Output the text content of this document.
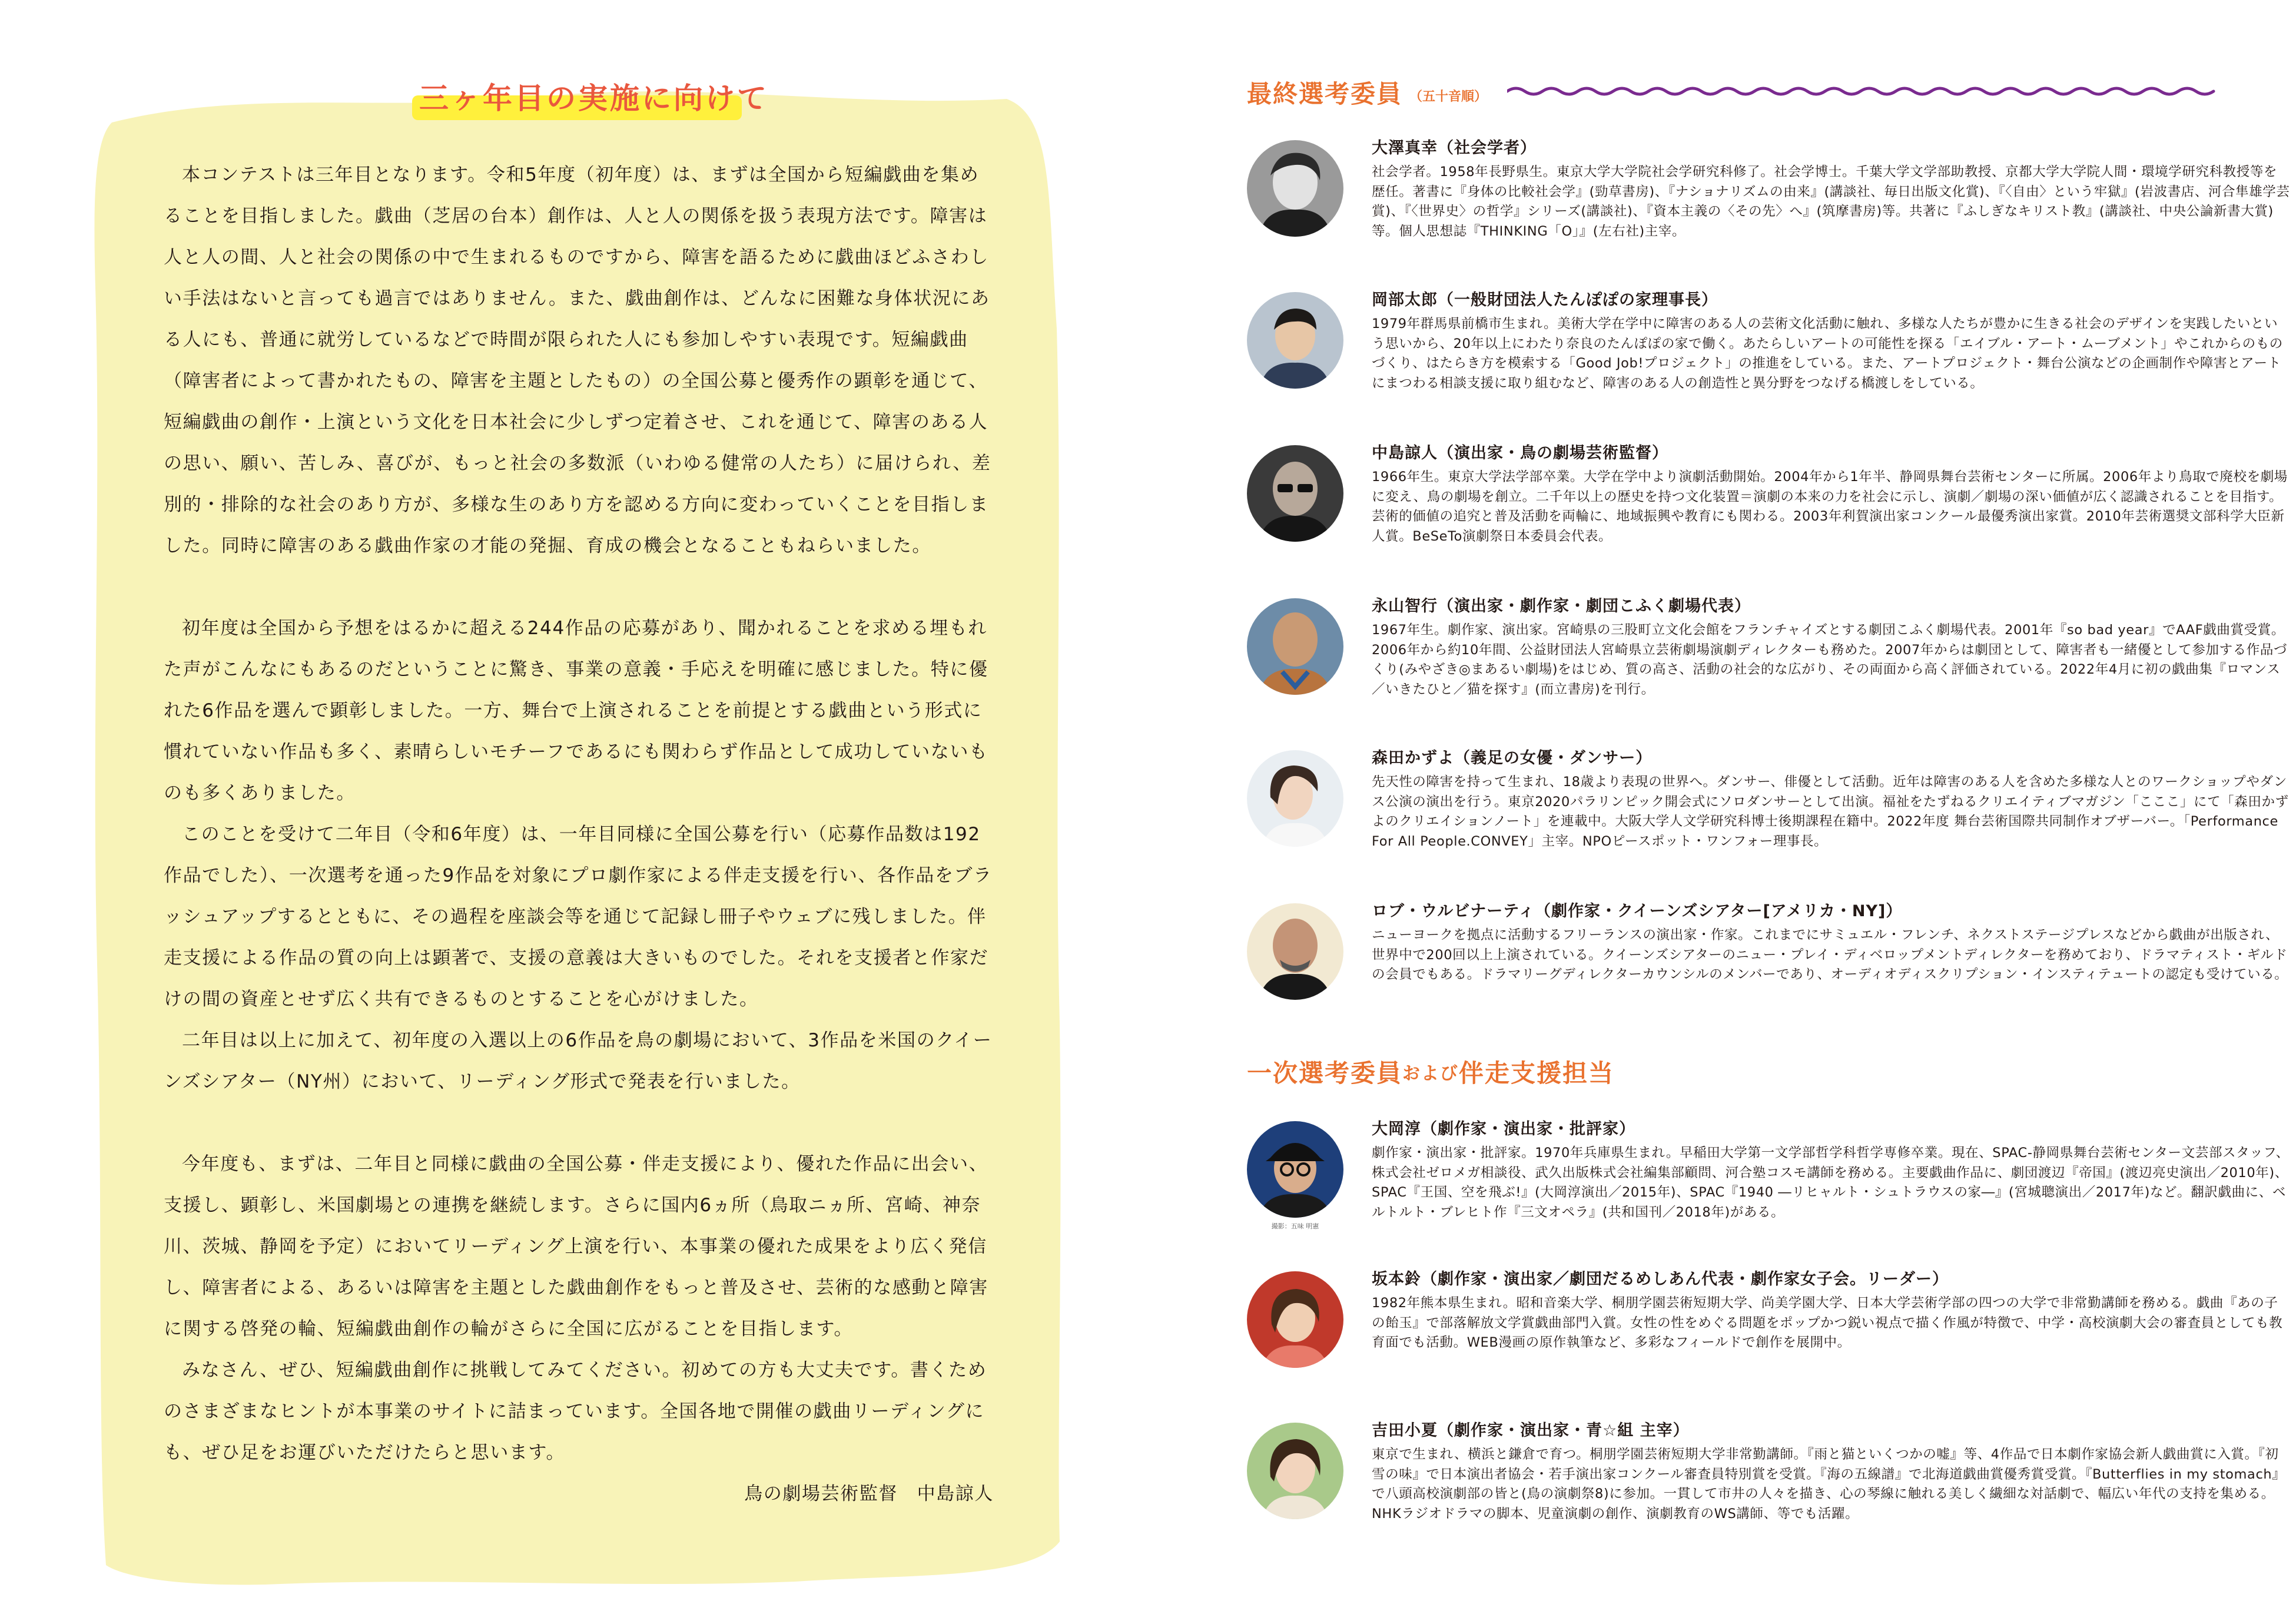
三ヶ年目の実施に向けて

本コンテストは三年目となります。令和5年度（初年度）は、まずは全国から短編戯曲を集めることを目指しました。戯曲（芝居の台本）創作は、人と人の関係を扱う表現方法です。障害は人と人の間、人と社会の関係の中で生まれるものですから、障害を語るために戯曲ほどふさわしい手法はないと言っても過言ではありません。また、戯曲創作は、どんなに困難な身体状況にある人にも、普通に就労しているなどで時間が限られた人にも参加しやすい表現です。短編戯曲（障害者によって書かれたもの、障害を主題としたもの）の全国公募と優秀作の顕彰を通じて、短編戯曲の創作・上演という文化を日本社会に少しずつ定着させ、これを通じて、障害のある人の思い、願い、苦しみ、喜びが、もっと社会の多数派（いわゆる健常の人たち）に届けられ、差別的・排除的な社会のあり方が、多様な生のあり方を認める方向に変わっていくことを目指しました。同時に障害のある戯曲作家の才能の発掘、育成の機会となることもねらいました。

初年度は全国から予想をはるかに超える244作品の応募があり、聞かれることを求める埋もれた声がこんなにもあるのだということに驚き、事業の意義・手応えを明確に感じました。特に優れた6作品を選んで顕彰しました。一方、舞台で上演されることを前提とする戯曲という形式に慣れていない作品も多く、素晴らしいモチーフであるにも関わらず作品として成功していないものも多くありました。

このことを受けて二年目（令和6年度）は、一年目同様に全国公募を行い（応募作品数は192作品でした）、一次選考を通った9作品を対象にプロ劇作家による伴走支援を行い、各作品をブラッシュアップするとともに、その過程を座談会等を通じて記録し冊子やウェブに残しました。伴走支援による作品の質の向上は顕著で、支援の意義は大きいものでした。それを支援者と作家だけの間の資産とせず広く共有できるものとすることを心がけました。

二年目は以上に加えて、初年度の入選以上の6作品を鳥の劇場において、3作品を米国のクイーンズシアター（NY州）において、リーディング形式で発表を行いました。

今年度も、まずは、二年目と同様に戯曲の全国公募・伴走支援により、優れた作品に出会い、支援し、顕彰し、米国劇場との連携を継続します。さらに国内6ヵ所（鳥取ニヵ所、宮崎、神奈川、茨城、静岡を予定）においてリーディング上演を行い、本事業の優れた成果をより広く発信し、障害者による、あるいは障害を主題とした戯曲創作をもっと普及させ、芸術的な感動と障害に関する啓発の輪、短編戯曲創作の輪がさらに全国に広がることを目指します。

みなさん、ぜひ、短編戯曲創作に挑戦してみてください。初めての方も大丈夫です。書くためのさまざまなヒントが本事業のサイトに詰まっています。全国各地で開催の戯曲リーディングにも、ぜひ足をお運びいただけたらと思います。

鳥の劇場芸術監督　中島諒人

最終選考委員 （五十音順）

大澤真幸（社会学者）

社会学者。1958年長野県生。東京大学大学院社会学研究科修了。社会学博士。千葉大学文学部助教授、京都大学大学院人間・環境学研究科教授等を歴任。著書に『身体の比較社会学』(勁草書房)、『ナショナリズムの由来』(講談社、毎日出版文化賞)、『〈自由〉という牢獄』(岩波書店、河合隼雄学芸賞)、『〈世界史〉の哲学』シリーズ(講談社)、『資本主義の〈その先〉へ』(筑摩書房)等。共著に『ふしぎなキリスト教』(講談社、中央公論新書大賞)等。個人思想誌『THINKING「O」』(左右社)主宰。

岡部太郎（一般財団法人たんぽぽの家理事長）

1979年群馬県前橋市生まれ。美術大学在学中に障害のある人の芸術文化活動に触れ、多様な人たちが豊かに生きる社会のデザインを実践したいという思いから、20年以上にわたり奈良のたんぽぽの家で働く。あたらしいアートの可能性を探る「エイブル・アート・ムーブメント」やこれからのものづくり、はたらき方を模索する「Good Job!プロジェクト」の推進をしている。また、アートプロジェクト・舞台公演などの企画制作や障害とアートにまつわる相談支援に取り組むなど、障害のある人の創造性と異分野をつなげる橋渡しをしている。

中島諒人（演出家・鳥の劇場芸術監督）

1966年生。東京大学法学部卒業。大学在学中より演劇活動開始。2004年から1年半、静岡県舞台芸術センターに所属。2006年より鳥取で廃校を劇場に変え、鳥の劇場を創立。二千年以上の歴史を持つ文化装置＝演劇の本来の力を社会に示し、演劇／劇場の深い価値が広く認識されることを目指す。芸術的価値の追究と普及活動を両輪に、地域振興や教育にも関わる。2003年利賀演出家コンクール最優秀演出家賞。2010年芸術選奨文部科学大臣新人賞。BeSeTo演劇祭日本委員会代表。

永山智行（演出家・劇作家・劇団こふく劇場代表）

1967年生。劇作家、演出家。宮崎県の三股町立文化会館をフランチャイズとする劇団こふく劇場代表。2001年『so bad year』でAAF戯曲賞受賞。2006年から約10年間、公益財団法人宮崎県立芸術劇場演劇ディレクターも務めた。2007年からは劇団として、障害者も一緒優として参加する作品づくり(みやざき◎まあるい劇場)をはじめ、質の高さ、活動の社会的な広がり、その両面から高く評価されている。2022年4月に初の戯曲集『ロマンス／いきたひと／猫を探す』(而立書房)を刊行。

森田かずよ（義足の女優・ダンサー）

先天性の障害を持って生まれ、18歳より表現の世界へ。ダンサー、俳優として活動。近年は障害のある人を含めた多様な人とのワークショップやダンス公演の演出を行う。東京2020パラリンピック開会式にソロダンサーとして出演。福祉をたずねるクリエイティブマガジン「こここ」にて「森田かずよのクリエイションノート」を連載中。大阪大学人文学研究科博士後期課程在籍中。2022年度 舞台芸術国際共同制作オブザーバー。「Performance For All People.CONVEY」主宰。NPOピースポット・ワンフォー理事長。

ロブ・ウルビナーティ（劇作家・クイーンズシアター[アメリカ・NY]）

ニューヨークを拠点に活動するフリーランスの演出家・作家。これまでにサミュエル・フレンチ、ネクストステージプレスなどから戯曲が出版され、世界中で200回以上上演されている。クイーンズシアターのニュー・プレイ・ディベロップメントディレクターを務めており、ドラマティスト・ギルドの会員でもある。ドラマリーグディレクターカウンシルのメンバーであり、オーディオディスクリプション・インスティテュートの認定も受けている。

一次選考委員 および 伴走支援担当
撮影：五味 明憲

大岡淳（劇作家・演出家・批評家）

劇作家・演出家・批評家。1970年兵庫県生まれ。早稲田大学第一文学部哲学科哲学専修卒業。現在、SPAC-静岡県舞台芸術センター文芸部スタッフ、株式会社ゼロメガ相談役、武久出版株式会社編集部顧問、河合塾コスモ講師を務める。主要戯曲作品に、劇団渡辺『帝国』(渡辺亮史演出／2010年)、SPAC『王国、空を飛ぶ!』(大岡淳演出／2015年)、SPAC『1940 ―リヒャルト・シュトラウスの家―』(宮城聰演出／2017年)など。翻訳戯曲に、ベルトルト・ブレヒト作『三文オペラ』(共和国刊／2018年)がある。

坂本鈴（劇作家・演出家／劇団だるめしあん代表・劇作家女子会。リーダー）

1982年熊本県生まれ。昭和音楽大学、桐朋学園芸術短期大学、尚美学園大学、日本大学芸術学部の四つの大学で非常勤講師を務める。戯曲『あの子の飴玉』で部落解放文学賞戯曲部門入賞。女性の性をめぐる問題をポップかつ鋭い視点で描く作風が特徴で、中学・高校演劇大会の審査員としても教育面でも活動。WEB漫画の原作執筆など、多彩なフィールドで創作を展開中。

吉田小夏（劇作家・演出家・青☆組 主宰）

東京で生まれ、横浜と鎌倉で育つ。桐朋学園芸術短期大学非常勤講師。『雨と猫といくつかの嘘』等、4作品で日本劇作家協会新人戯曲賞に入賞。『初雪の味』で日本演出者協会・若手演出家コンクール審査員特別賞を受賞。『海の五線譜』で北海道戯曲賞優秀賞受賞。『Butterflies in my stomach』で八頭高校演劇部の皆と(鳥の演劇祭8)に参加。一貫して市井の人々を描き、心の琴線に触れる美しく繊細な対話劇で、幅広い年代の支持を集める。NHKラジオドラマの脚本、児童演劇の創作、演劇教育のWS講師、等でも活躍。
